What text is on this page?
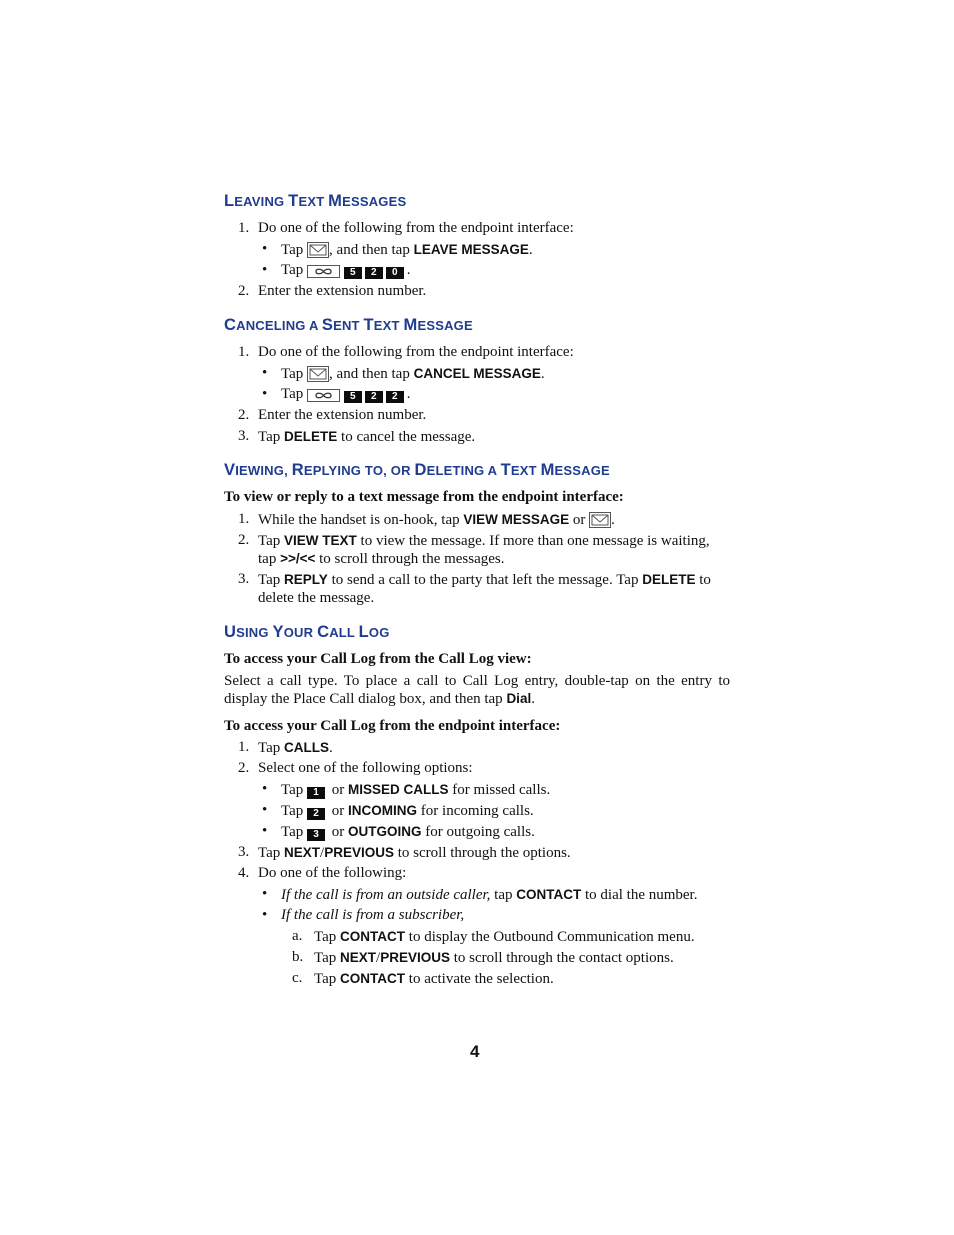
LEAVING TEXT MESSAGES
1. Do one of the following from the endpoint interface:
• Tap , and then tap LEAVE MESSAGE.
• Tap	5 2 0 .
2. Enter the extension number.
CANCELING A SENT TEXT MESSAGE
1. Do one of the following from the endpoint interface:
• Tap , and then tap CANCEL MESSAGE.
• Tap	5 2 2 .
2. Enter the extension number.
3. Tap DELETE to cancel the message.
VIEWING, REPLYING TO, OR DELETING A TEXT MESSAGE
To view or reply to a text message from the endpoint interface:
1. While the handset is on-hook, tap VIEW MESSAGE or .
2. Tap VIEW TEXT to view the message. If more than one message is waiting,
tap >>/<< to scroll through the messages.
3. Tap REPLY to send a call to the party that left the message. Tap DELETE to
delete the message.
USING YOUR CALL LOG
To access your Call Log from the Call Log view:
Select a call type. To place a call to Call Log entry, double-tap on the entry to display the Place Call dialog box, and then tap Dial.
To access your Call Log from the endpoint interface:
1. Tap CALLS.
2. Select one of the following options:
• Tap 1 or MISSED CALLS for missed calls.
• Tap 2 or INCOMING for incoming calls.
• Tap 3 or OUTGOING for outgoing calls.
3. Tap NEXT/PREVIOUS to scroll through the options.
4. Do one of the following:
• If the call is from an outside caller, tap CONTACT to dial the number.
• If the call is from a subscriber,
a. Tap CONTACT to display the Outbound Communication menu.
b. Tap NEXT/PREVIOUS to scroll through the contact options.
c. Tap CONTACT to activate the selection.
4
